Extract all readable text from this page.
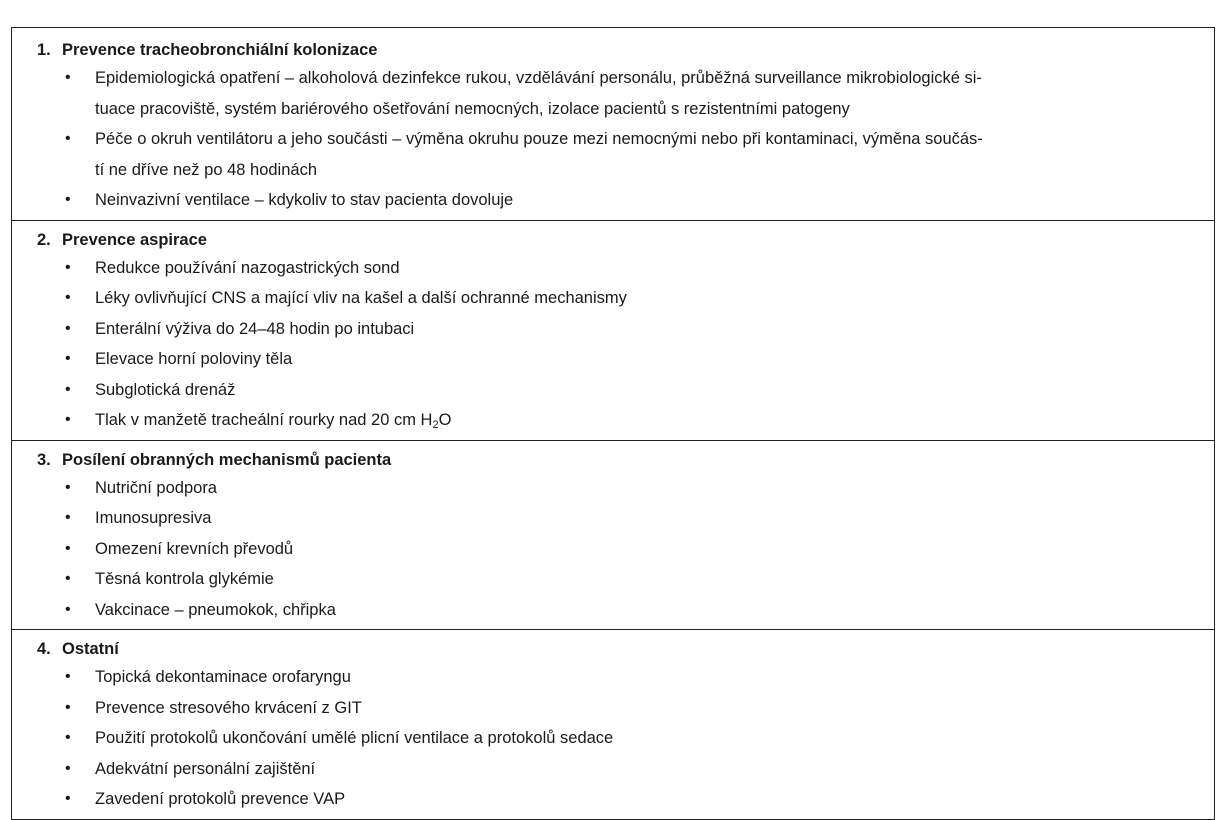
1. Prevence tracheobronchiální kolonizace

• Epidemiologická opatření – alkoholová dezinfekce rukou, vzdělávání personálu, průběžná surveillance mikrobiologické si-
tuace pracoviště, systém bariérového ošetřování nemocných, izolace pacientů s rezistentními patogeny
• Péče o okruh ventilátoru a jeho součásti – výměna okruhu pouze mezi nemocnými nebo při kontaminaci, výměna součás-
tí ne dříve než po 48 hodinách
• Neinvazivní ventilace – kdykoliv to stav pacienta dovoluje

2. Prevence aspirace

• Redukce používání nazogastrických sond
• Léky ovlivňující CNS a mající vliv na kašel a další ochranné mechanismy
• Enterální výživa do 24–48 hodin po intubaci
• Elevace horní poloviny těla
• Subglotická drenáž
• Tlak v manžetě tracheální rourky nad 20 cm $H_2O$

3. Posílení obranných mechanismů pacienta

• Nutriční podpora
• Imunosupresiva
• Omezení krevních převodů
• Těsná kontrola glykémie
• Vakcinace – pneumokok, chřipka

4. Ostatní

• Topická dekontaminace orofaryngu
• Prevence stresového krvácení z GIT
• Použití protokolů ukončování umělé plicní ventilace a protokolů sedace
• Adekvátní personální zajištění
• Zavedení protokolů prevence VAP
